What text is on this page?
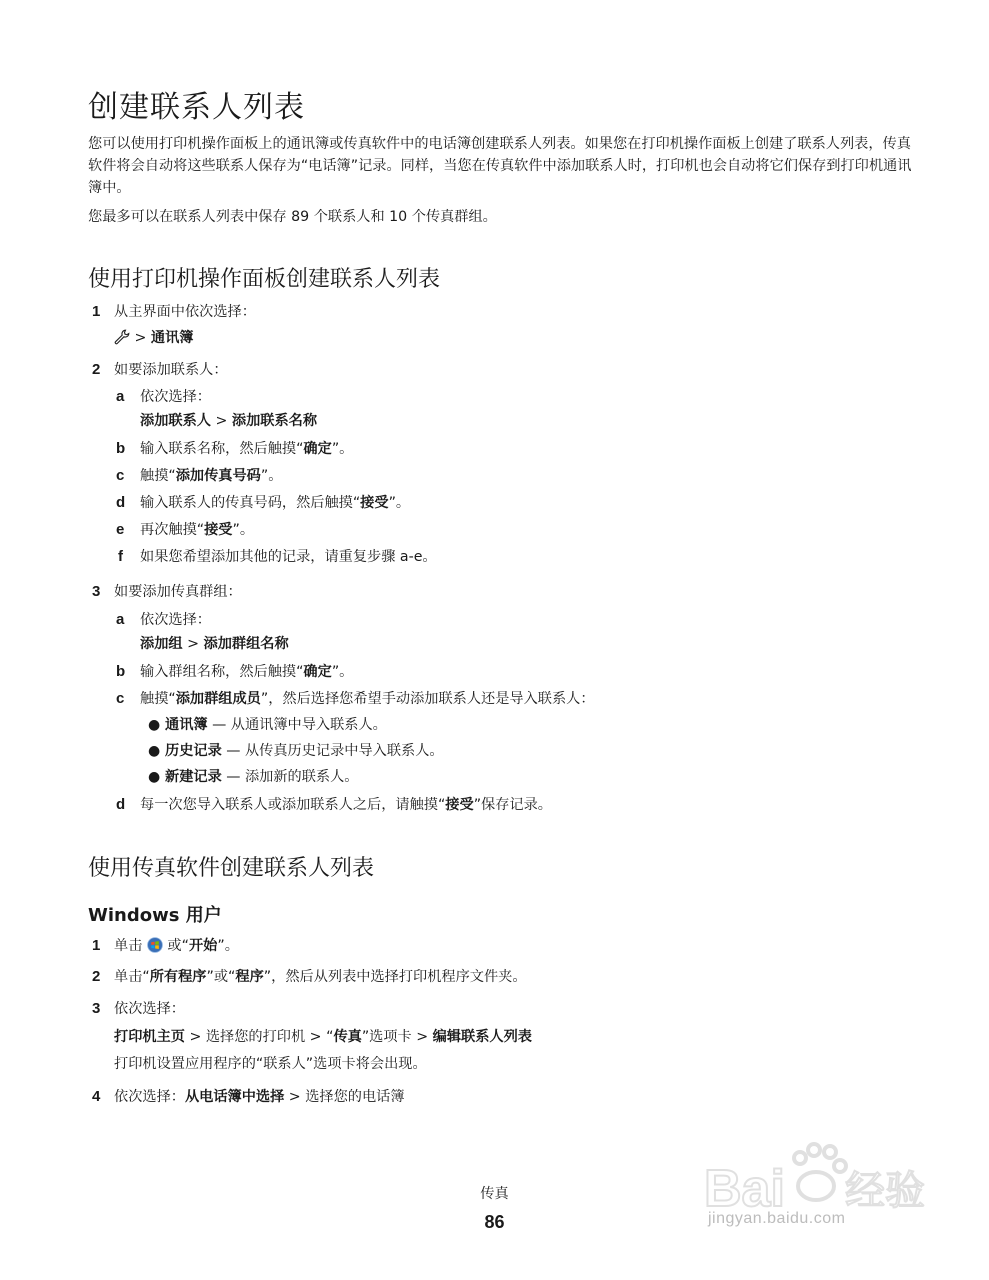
创建联系人列表

您可以使用打印机操作面板上的通讯簿或传真软件中的电话簿创建联系人列表。如果您在打印机操作面板上创建了联系人列表，传真软件将会自动将这些联系人保存为“电话簿”记录。同样，当您在传真软件中添加联系人时，打印机也会自动将它们保存到打印机通讯簿中。

您最多可以在联系人列表中保存 89 个联系人和 10 个传真群组。

使用打印机操作面板创建联系人列表
1 从主界面中依次选择：
> 通讯簿
2 如要添加联系人：
a 依次选择：
添加联系人 > 添加联系名称
b 输入联系名称，然后触摸“确定”。
c 触摸“添加传真号码”。
d 输入联系人的传真号码，然后触摸“接受”。
e 再次触摸“接受”。
f 如果您希望添加其他的记录，请重复步骤 a-e。
3 如要添加传真群组：
a 依次选择：
添加组 > 添加群组名称
b 输入群组名称，然后触摸“确定”。
c 触摸“添加群组成员”，然后选择您希望手动添加联系人还是导入联系人：
● 通讯簿 — 从通讯簿中导入联系人。
● 历史记录 — 从传真历史记录中导入联系人。
● 新建记录 — 添加新的联系人。
d 每一次您导入联系人或添加联系人之后，请触摸“接受”保存记录。
使用传真软件创建联系人列表
Windows 用户
1 单击  或“开始”。
2 单击“所有程序”或“程序”，然后从列表中选择打印机程序文件夹。
3 依次选择：
打印机主页 > 选择您的打印机 > “传真”选项卡 > 编辑联系人列表
打印机设置应用程序的“联系人”选项卡将会出现。
4 依次选择：从电话簿中选择 > 选择您的电话簿
传真
86
Bai 经验
jingyan.baidu.com
